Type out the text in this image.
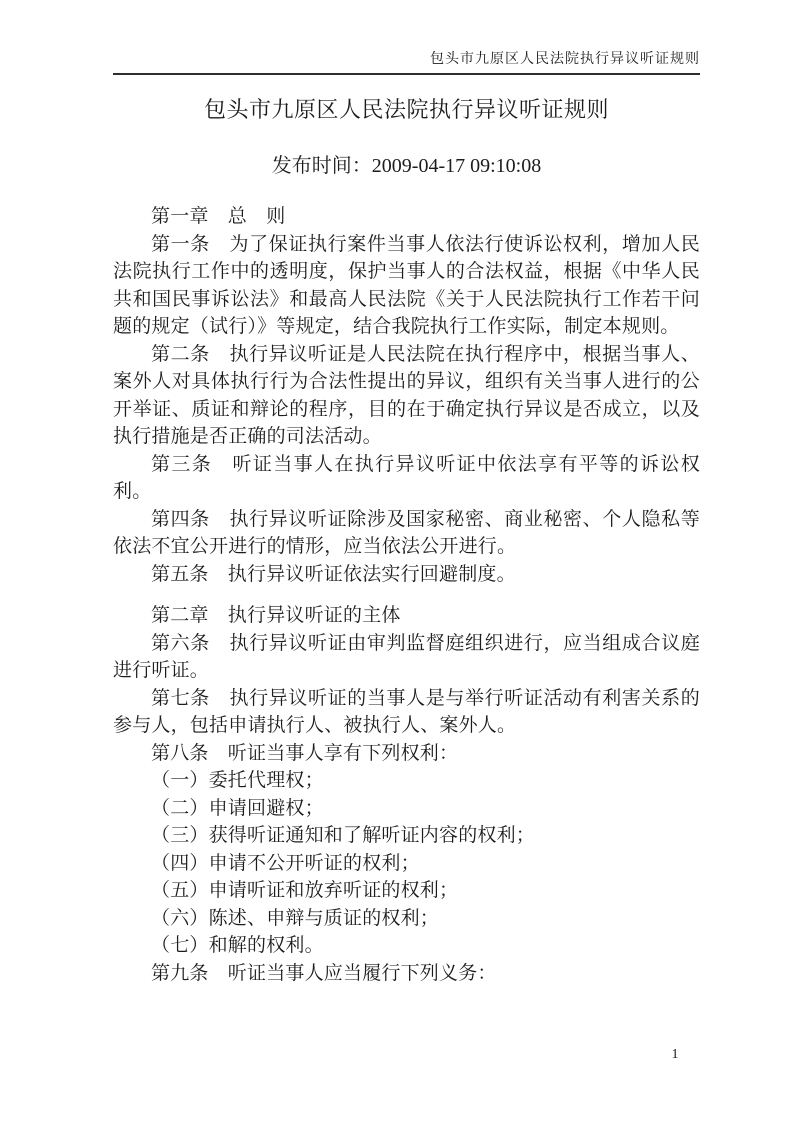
包头市九原区人民法院执行异议听证规则
包头市九原区人民法院执行异议听证规则
发布时间：2009-04-17 09:10:08

第一章　总　则

第一条　为了保证执行案件当事人依法行使诉讼权利，增加人民法院执行工作中的透明度，保护当事人的合法权益，根据《中华人民共和国民事诉讼法》和最高人民法院《关于人民法院执行工作若干问题的规定（试行）》等规定，结合我院执行工作实际，制定本规则。

第二条　执行异议听证是人民法院在执行程序中，根据当事人、案外人对具体执行行为合法性提出的异议，组织有关当事人进行的公开举证、质证和辩论的程序，目的在于确定执行异议是否成立，以及执行措施是否正确的司法活动。

第三条　听证当事人在执行异议听证中依法享有平等的诉讼权利。

第四条　执行异议听证除涉及国家秘密、商业秘密、个人隐私等依法不宜公开进行的情形，应当依法公开进行。

第五条　执行异议听证依法实行回避制度。

第二章　执行异议听证的主体

第六条　执行异议听证由审判监督庭组织进行，应当组成合议庭进行听证。

第七条　执行异议听证的当事人是与举行听证活动有利害关系的参与人，包括申请执行人、被执行人、案外人。

第八条　听证当事人享有下列权利：

（一）委托代理权；

（二）申请回避权；

（三）获得听证通知和了解听证内容的权利；

（四）申请不公开听证的权利；

（五）申请听证和放弃听证的权利；

（六）陈述、申辩与质证的权利；

（七）和解的权利。

第九条　听证当事人应当履行下列义务：

1
